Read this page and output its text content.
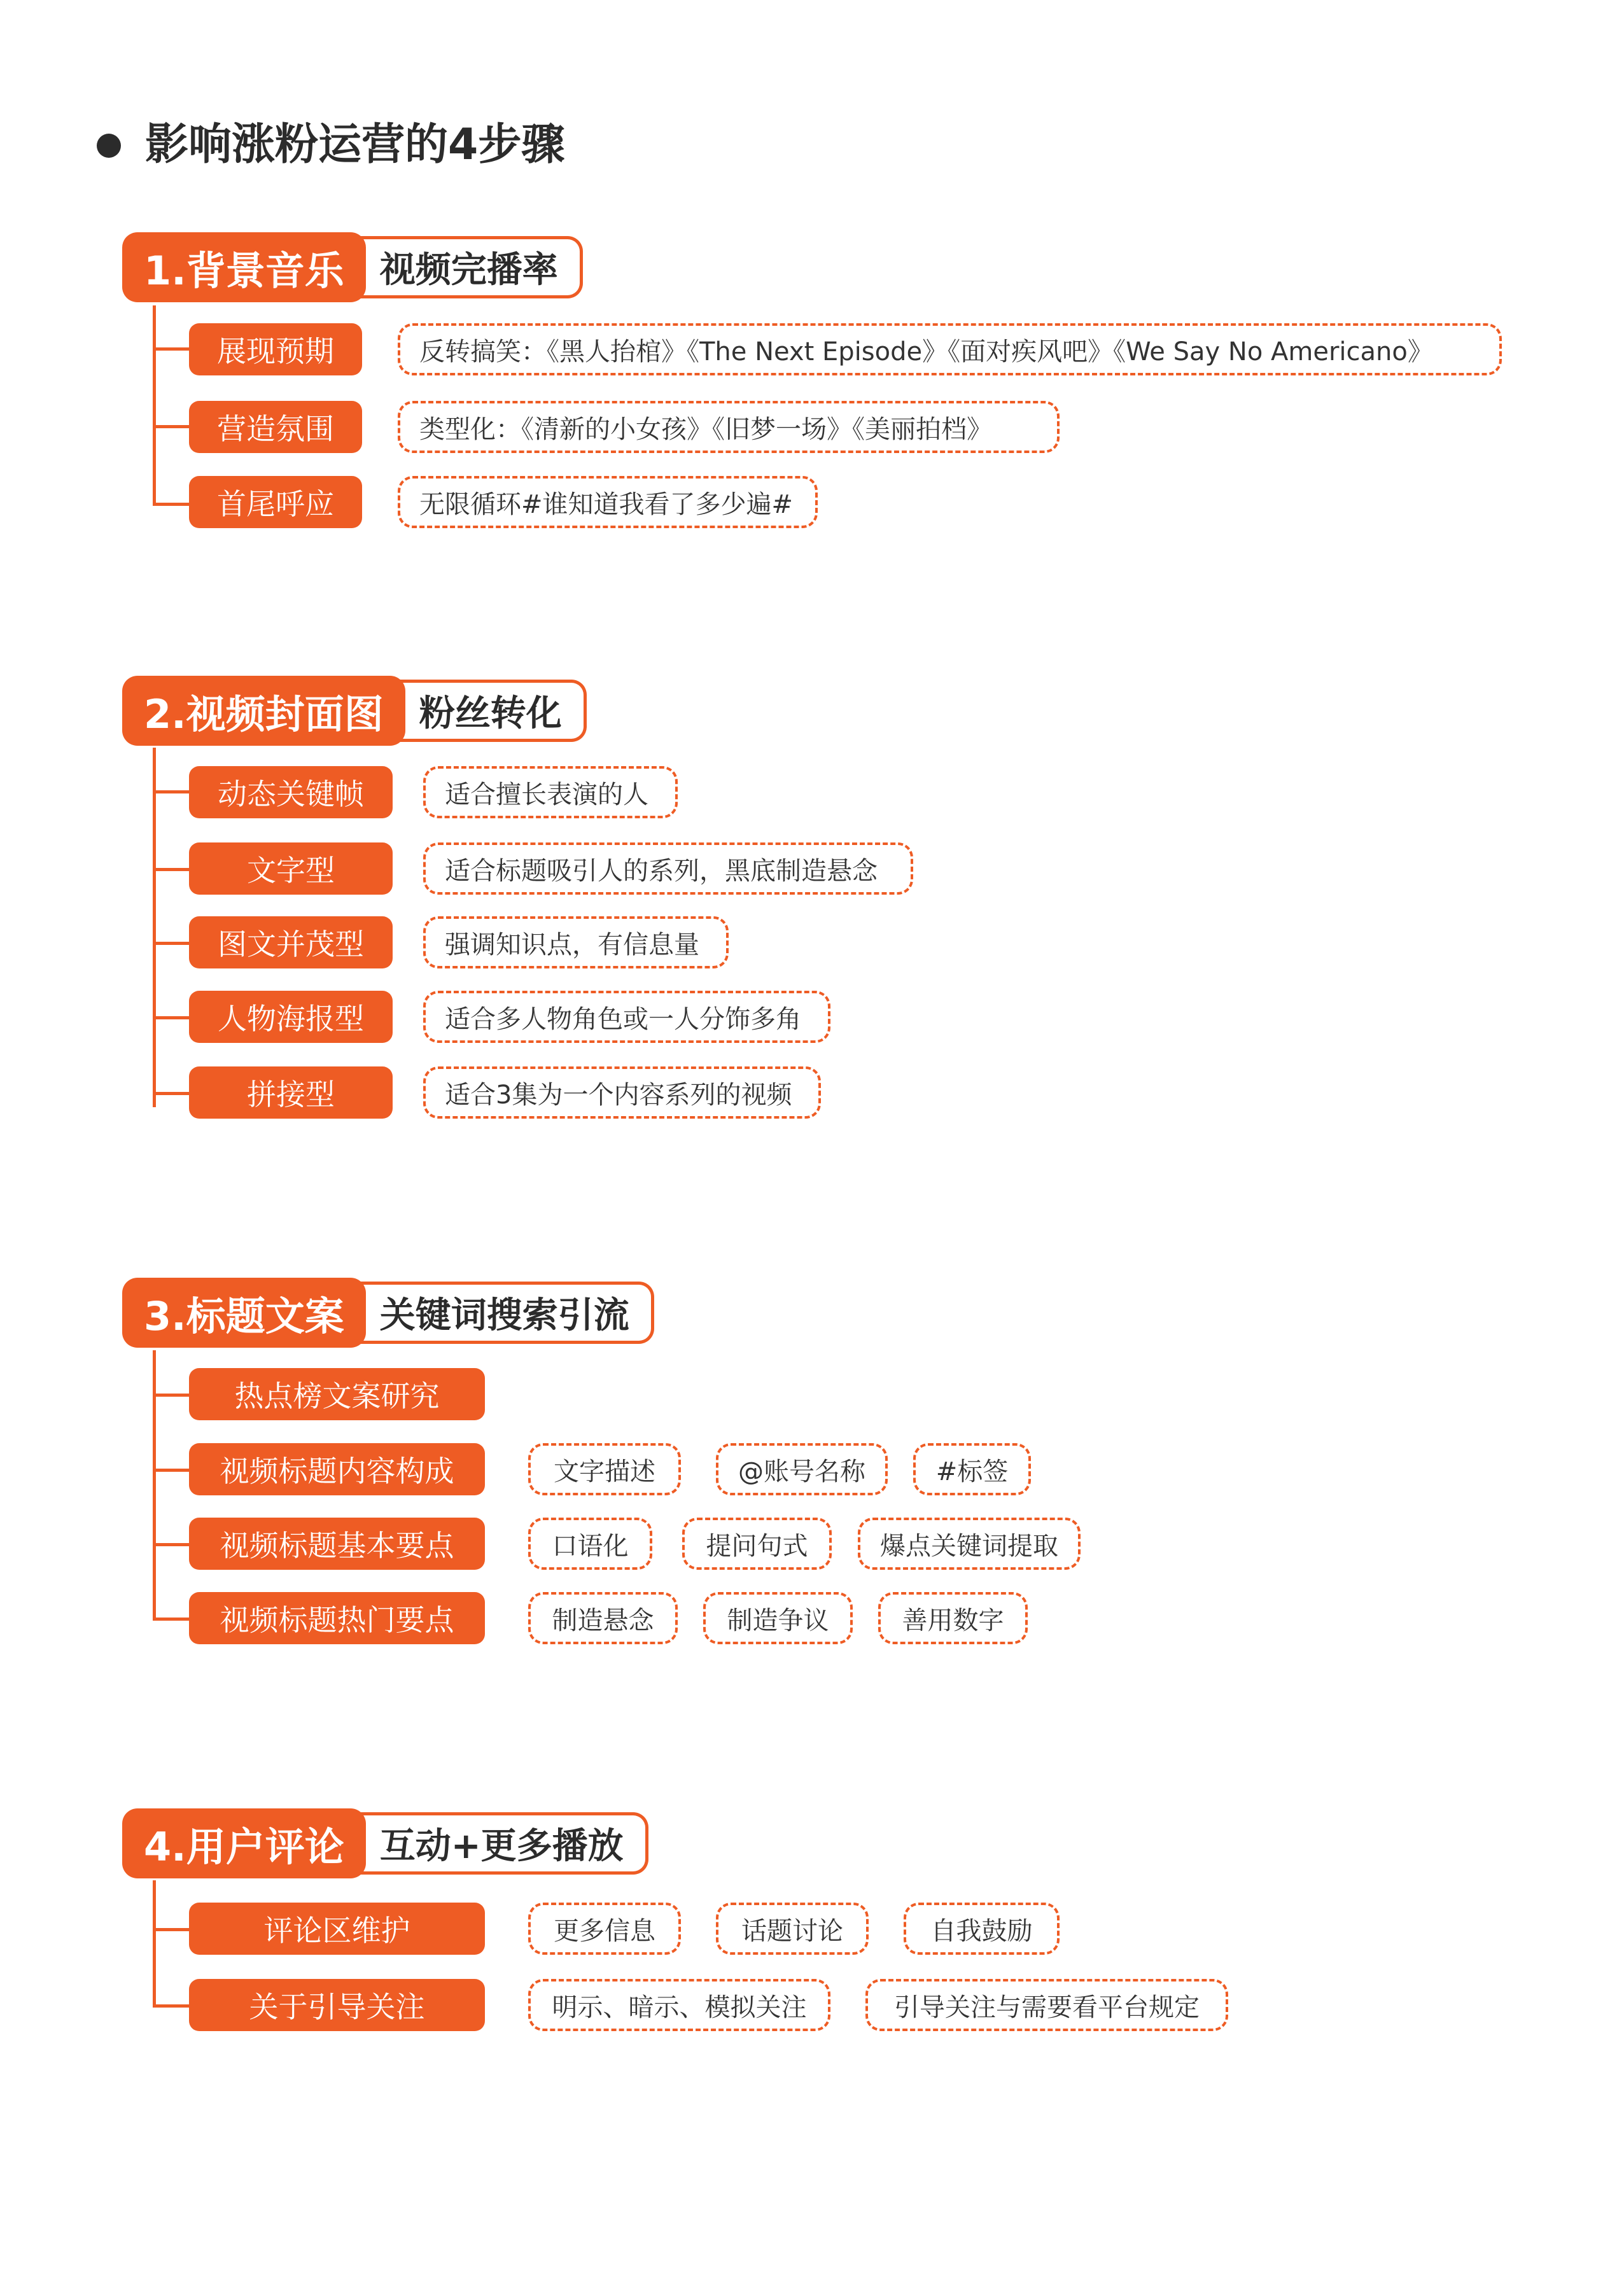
影响涨粉运营的4步骤
1.背景音乐	视频完播率
展现预期	反转搞笑：《黑人抬棺》《The Next Episode》《面对疾风吧》《We Say No Americano》
营造氛围	类型化：《清新的小女孩》《旧梦一场》《美丽拍档》
首尾呼应	无限循环#谁知道我看了多少遍#
2.视频封面图	粉丝转化
动态关键帧	适合擅长表演的人
文字型	适合标题吸引人的系列，黑底制造悬念
图文并茂型	强调知识点，有信息量
人物海报型	适合多人物角色或一人分饰多角
拼接型	适合3集为一个内容系列的视频
3.标题文案	关键词搜索引流
热点榜文案研究
视频标题内容构成	文字描述	@账号名称	#标签
视频标题基本要点	口语化	提问句式	爆点关键词提取
视频标题热门要点	制造悬念	制造争议	善用数字
4.用户评论	互动+更多播放
评论区维护	更多信息	话题讨论	自我鼓励
关于引导关注	明示、暗示、模拟关注	引导关注与需要看平台规定
